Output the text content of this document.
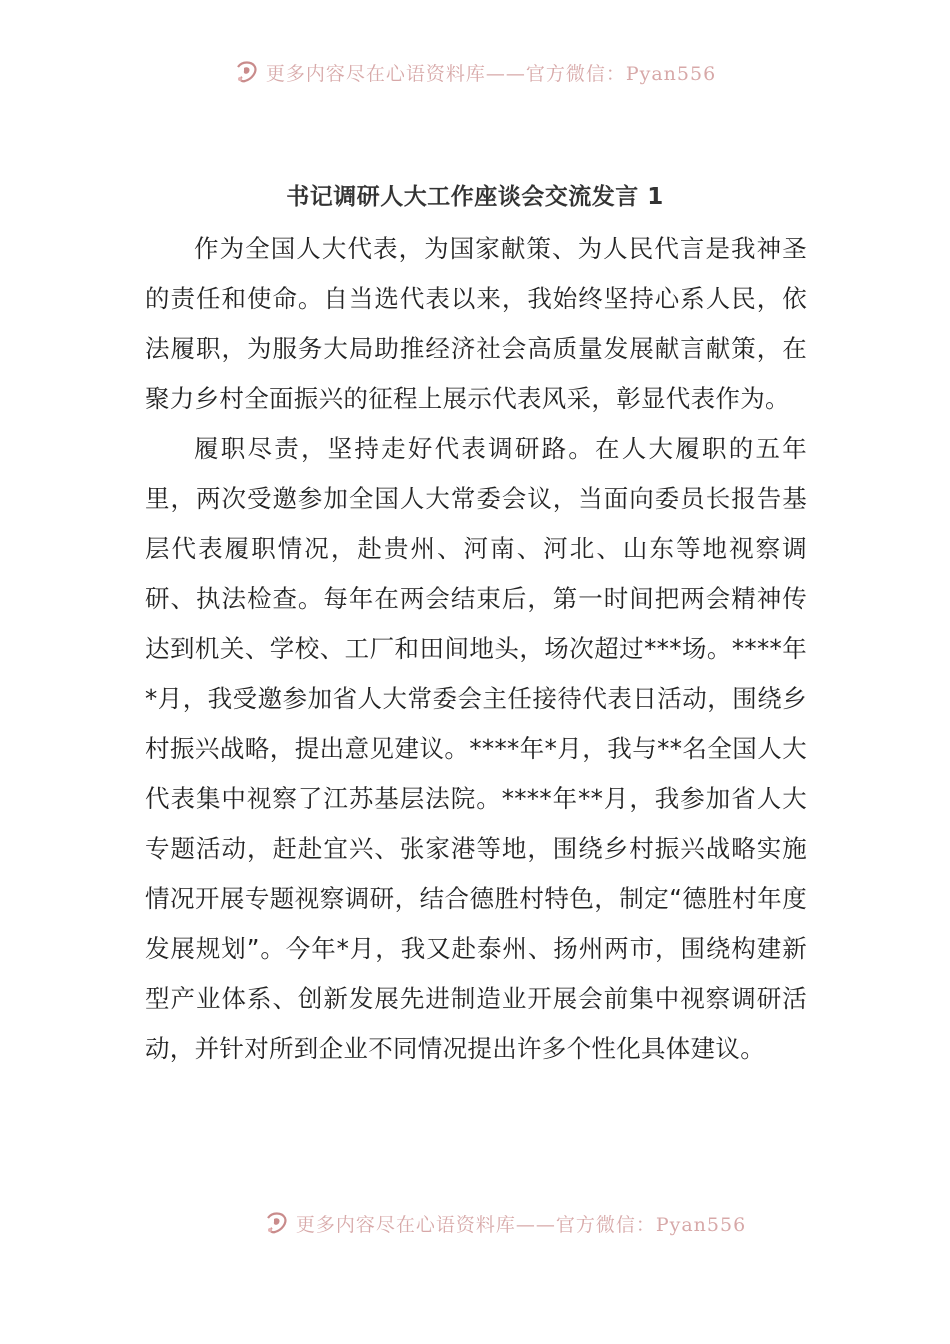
更多内容尽在心语资料库——官方微信：Pyan556
书记调研人大工作座谈会交流发言 1

作为全国人大代表，为国家献策、为人民代言是我神圣的责任和使命。自当选代表以来，我始终坚持心系人民，依法履职，为服务大局助推经济社会高质量发展献言献策，在聚力乡村全面振兴的征程上展示代表风采，彰显代表作为。

履职尽责，坚持走好代表调研路。在人大履职的五年里，两次受邀参加全国人大常委会议，当面向委员长报告基层代表履职情况，赴贵州、河南、河北、山东等地视察调研、执法检查。每年在两会结束后，第一时间把两会精神传达到机关、学校、工厂和田间地头，场次超过***场。****年*月，我受邀参加省人大常委会主任接待代表日活动，围绕乡村振兴战略，提出意见建议。****年*月，我与**名全国人大代表集中视察了江苏基层法院。****年**月，我参加省人大专题活动，赶赴宜兴、张家港等地，围绕乡村振兴战略实施情况开展专题视察调研，结合德胜村特色，制定“德胜村年度发展规划”。今年*月，我又赴泰州、扬州两市，围绕构建新型产业体系、创新发展先进制造业开展会前集中视察调研活动，并针对所到企业不同情况提出许多个性化具体建议。

更多内容尽在心语资料库——官方微信：Pyan556
